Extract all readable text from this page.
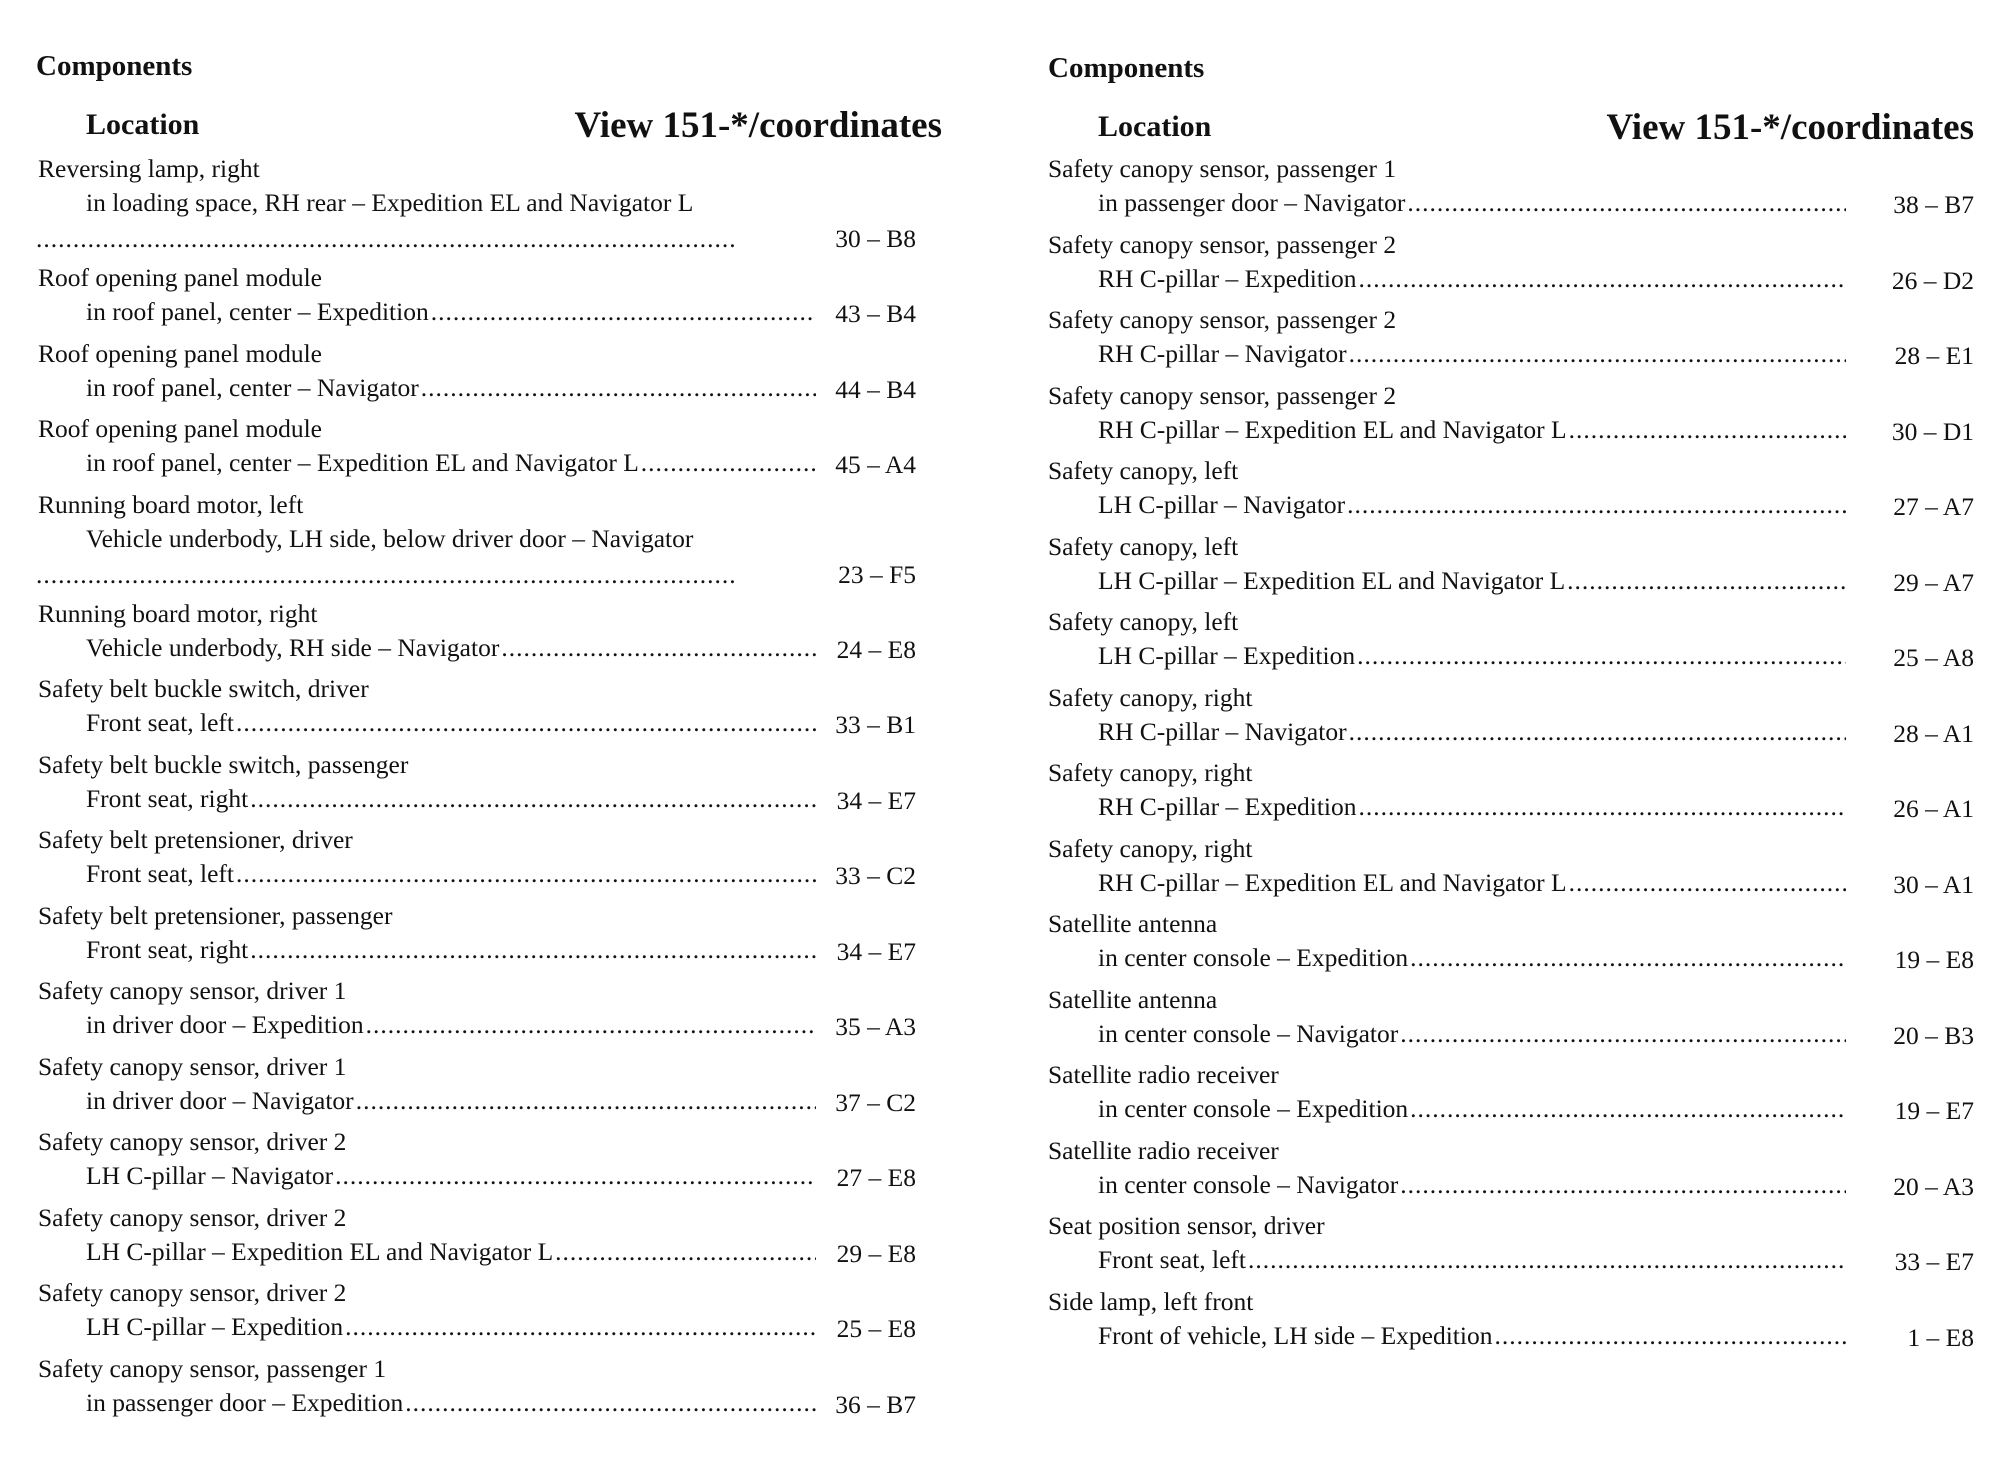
Components
Location	View 151-*/coordinates
Reversing lamp, right
in loading space, RH rear – Expedition EL and Navigator L
.....
30 – B8
Roof opening panel module
in roof panel, center – Expedition .....	43 – B4
Roof opening panel module
in roof panel, center – Navigator .....	44 – B4
Roof opening panel module
in roof panel, center – Expedition EL and Navigator L .....	45 – A4
Running board motor, left
Vehicle underbody, LH side, below driver door – Navigator
.....
23 – F5
Running board motor, right
Vehicle underbody, RH side – Navigator .....	24 – E8
Safety belt buckle switch, driver
Front seat, left .....	33 – B1
Safety belt buckle switch, passenger
Front seat, right .....	34 – E7
Safety belt pretensioner, driver
Front seat, left .....	33 – C2
Safety belt pretensioner, passenger
Front seat, right .....	34 – E7
Safety canopy sensor, driver 1
in driver door – Expedition .....	35 – A3
Safety canopy sensor, driver 1
in driver door – Navigator .....	37 – C2
Safety canopy sensor, driver 2
LH C-pillar – Navigator .....	27 – E8
Safety canopy sensor, driver 2
LH C-pillar – Expedition EL and Navigator L .....	29 – E8
Safety canopy sensor, driver 2
LH C-pillar – Expedition .....	25 – E8
Safety canopy sensor, passenger 1
in passenger door – Expedition .....	36 – B7
Components
Location	View 151-*/coordinates
Safety canopy sensor, passenger 1
in passenger door – Navigator .....	38 – B7
Safety canopy sensor, passenger 2
RH C-pillar – Expedition .....	26 – D2
Safety canopy sensor, passenger 2
RH C-pillar – Navigator .....	28 – E1
Safety canopy sensor, passenger 2
RH C-pillar – Expedition EL and Navigator L .....	30 – D1
Safety canopy, left
LH C-pillar – Navigator .....	27 – A7
Safety canopy, left
LH C-pillar – Expedition EL and Navigator L .....	29 – A7
Safety canopy, left
LH C-pillar – Expedition .....	25 – A8
Safety canopy, right
RH C-pillar – Navigator .....	28 – A1
Safety canopy, right
RH C-pillar – Expedition .....	26 – A1
Safety canopy, right
RH C-pillar – Expedition EL and Navigator L .....	30 – A1
Satellite antenna
in center console – Expedition .....	19 – E8
Satellite antenna
in center console – Navigator .....	20 – B3
Satellite radio receiver
in center console – Expedition .....	19 – E7
Satellite radio receiver
in center console – Navigator .....	20 – A3
Seat position sensor, driver
Front seat, left .....	33 – E7
Side lamp, left front
Front of vehicle, LH side – Expedition .....	1 – E8
